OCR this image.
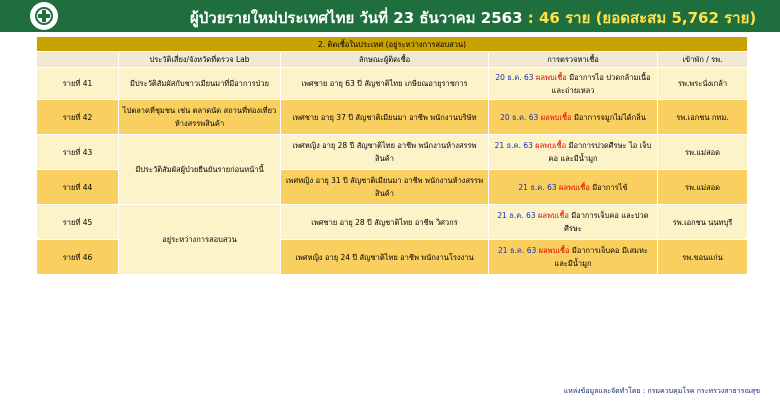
ผู้ป่วยรายใหม่ประเทศไทย วันที่ 23 ธันวาคม 2563 : 46 ราย (ยอดสะสม 5,762 ราย)
2. ติดเชื้อในประเทศ (อยู่ระหว่างการสอบสวน)				
	ประวัติเสี่ยง/จังหวัดที่ตรวจ Lab	ลักษณะผู้ติดเชื้อ	การตรวจหาเชื้อ	เข้าพัก / รพ.
รายที่ 41	มีประวัติสัมผัสกับชาวเมียนมาที่มีอาการป่วย	เพศชาย อายุ 63 ปี สัญชาติไทย เกษียณอายุราชการ	20 ธ.ค. 63 ผลพบเชื้อ มีอาการไอ ปวดกล้ามเนื้อ และถ่ายเหลว	รพ.พระนั่งเกล้า
รายที่ 42	ไปตลาดที่ชุมชน เช่น ตลาดนัด สถานที่ท่องเที่ยว ห้างสรรพสินค้า	เพศชาย อายุ 37 ปี สัญชาติเมียนมา อาชีพ พนักงานบริษัท	20 ธ.ค. 63 ผลพบเชื้อ มีอาการจมูกไม่ได้กลิ่น	รพ.เอกชน กทม.
รายที่ 43	มีประวัติสัมผัสผู้ป่วยยืนยันรายก่อนหน้านี้	เพศหญิง อายุ 28 ปี สัญชาติไทย อาชีพ พนักงานห้างสรรพสินค้า	21 ธ.ค. 63 ผลพบเชื้อ มีอาการปวดศีรษะ ไอ เจ็บคอ และมีน้ำมูก	รพ.แม่สอด
รายที่ 44		เพศหญิง อายุ 31 ปี สัญชาติเมียนมา อาชีพ พนักงานห้างสรรพสินค้า	21 ธ.ค. 63 ผลพบเชื้อ มีอาการไข้	รพ.แม่สอด
รายที่ 45	อยู่ระหว่างการสอบสวน	เพศชาย อายุ 28 ปี สัญชาติไทย อาชีพ วิศวกร	21 ธ.ค. 63 ผลพบเชื้อ มีอาการเจ็บคอ และปวดศีรษะ	รพ.เอกชน นนทบุรี
รายที่ 46		เพศหญิง อายุ 24 ปี สัญชาติไทย อาชีพ พนักงานโรงงาน	21 ธ.ค. 63 ผลพบเชื้อ มีอาการเจ็บคอ มีเสมหะ และมีน้ำมูก	รพ.ขอนแก่น
แหล่งข้อมูลและจัดทำโดย : กรมควบคุมโรค กระทรวงสาธารณสุข
